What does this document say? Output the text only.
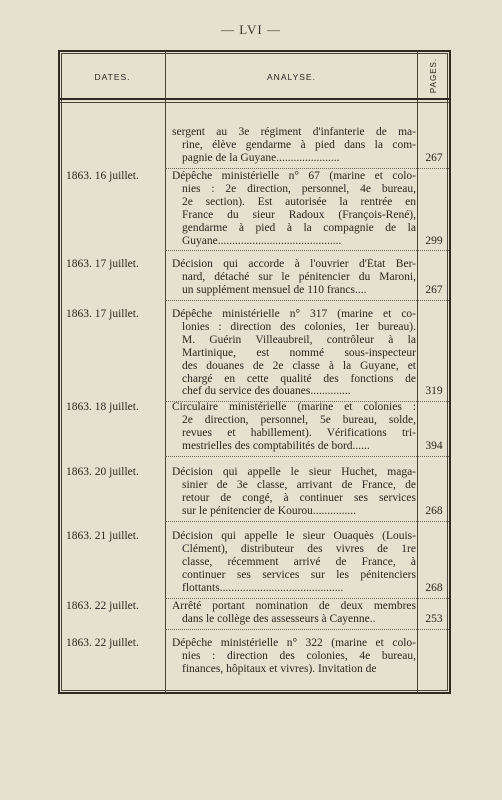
— LVI —
DATES.	ANALYSE.	PAGES.
sergent au 3e régiment d'infanterie de ma-
rine, élève gendarme à pied dans la com-
pagnie de la Guyane......................	267
1863. 16 juillet.	Dépêche ministérielle n° 67 (marine et colo-
nies : 2e direction, personnel, 4e bureau,
2e section). Est autorisée la rentrée en
France du sieur Radoux (François-René),
gendarme à pied à la compagnie de la
Guyane...........................................	299
1863. 17 juillet.	Décision qui accorde à l'ouvrier d'État Ber-
nard, détaché sur le pénitencier du Maroni,
un supplément mensuel de 110 francs....	267
1863. 17 juillet.	Dépêche ministérielle n° 317 (marine et co-
lonies : direction des colonies, 1er bureau).
M. Guérin Villeaubreil, contrôleur à la
Martinique, est nommé sous-inspecteur
des douanes de 2e classe à la Guyane, et
chargé en cette qualité des fonctions de
chef du service des douanes..............	319
1863. 18 juillet.	Circulaire ministérielle (marine et colonies :
2e direction, personnel, 5e bureau, solde,
revues et habillement). Vérifications tri-
mestrielles des comptabilités de bord......	394
1863. 20 juillet.	Décision qui appelle le sieur Huchet, maga-
sinier de 3e classe, arrivant de France, de
retour de congé, à continuer ses services
sur le pénitencier de Kourou...............	268
1863. 21 juillet.	Décision qui appelle le sieur Ouaquès (Louis-
Clément), distributeur des vivres de 1re
classe, récemment arrivé de France, à
continuer ses services sur les pénitenciers
flottants...........................................	268
1863. 22 juillet.	Arrêté portant nomination de deux membres
dans le collège des assesseurs à Cayenne..	253
1863. 22 juillet.	Dépêche ministérielle n° 322 (marine et colo-
nies : direction des colonies, 4e bureau,
finances, hôpitaux et vivres). Invitation de
